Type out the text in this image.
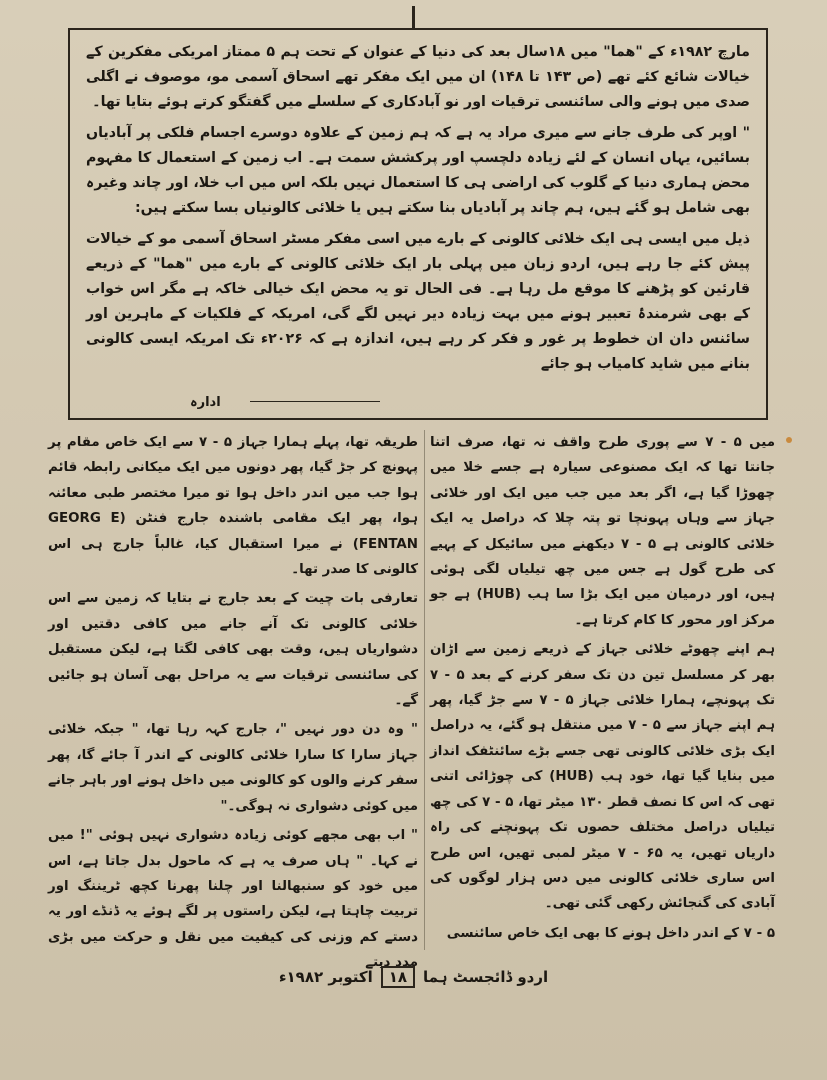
مارچ ۱۹۸۲ء کے "ھما" میں ۱۸سال بعد کی دنیا کے عنوان کے تحت ہم ۵ ممتاز امریکی مفکرین کے خیالات شائع کئے تھے (ص ۱۴۳ تا ۱۴۸) ان میں ایک مفکر تھے اسحاق آسمی مو، موصوف نے اگلی صدی میں ہونے والی سائنسی ترقیات اور نو آبادکاری کے سلسلے میں گفتگو کرتے ہوئے بتایا تھا۔

" اوپر کی طرف جانے سے میری مراد یہ ہے کہ ہم زمین کے علاوہ دوسرے اجسام فلکی پر آبادیاں بسائیں، یہاں انسان کے لئے زیادہ دلچسپ اور پرکشش سمت ہے۔ اب زمین کے استعمال کا مفہوم محض ہماری دنیا کے گلوب کی اراضی ہی کا استعمال نہیں بلکہ اس میں اب خلا، اور چاند وغیرہ بھی شامل ہو گئے ہیں، ہم چاند پر آبادیاں بنا سکتے ہیں یا خلائی کالونیاں بسا سکتے ہیں:

ذیل میں ایسی ہی ایک خلائی کالونی کے بارے میں اسی مفکر مسٹر اسحاق آسمی مو کے خیالات پیش کئے جا رہے ہیں، اردو زبان میں پہلی بار ایک خلائی کالونی کے بارے میں "ھما" کے ذریعے قارئین کو پڑھنے کا موقع مل رہا ہے۔ فی الحال تو یہ محض ایک خیالی خاکہ ہے مگر اس خواب کے بھی شرمندۂ تعبیر ہونے میں بہت زیادہ دیر نہیں لگے گی، امریکہ کے فلکیات کے ماہرین اور سائنس دان ان خطوط پر غور و فکر کر رہے ہیں، اندازہ ہے کہ ۲۰۲۶ء تک امریکہ ایسی کالونی بنانے میں شاید کامیاب ہو جائے

ادارہ

میں ۵ - ۷ سے پوری طرح واقف نہ تھا، صرف اتنا جانتا تھا کہ ایک مصنوعی سیارہ ہے جسے خلا میں چھوڑا گیا ہے، اگر بعد میں جب میں ایک اور خلائی جہاز سے وہاں پہونچا تو پتہ چلا کہ دراصل یہ ایک خلائی کالونی ہے ۵ - ۷ دیکھنے میں سائیکل کے پہیے کی طرح گول ہے جس میں چھ تیلیاں لگی ہوئی ہیں، اور درمیان میں ایک بڑا سا ہب (HUB) ہے جو مرکز اور محور کا کام کرتا ہے۔

ہم اپنے چھوٹے خلائی جہاز کے ذریعے زمین سے اڑان بھر کر مسلسل تین دن تک سفر کرنے کے بعد ۵ - ۷ تک پہونچے، ہمارا خلائی جہاز ۵ - ۷ سے جڑ گیا، پھر ہم اپنے جہاز سے ۵ - ۷ میں منتقل ہو گئے، یہ دراصل ایک بڑی خلائی کالونی تھی جسے بڑے سائنٹفک انداز میں بنایا گیا تھا، خود ہب (HUB) کی چوڑائی اتنی تھی کہ اس کا نصف قطر ۱۳۰ میٹر تھا، ۵ - ۷ کی چھ تیلیاں دراصل مختلف حصوں تک پہونچنے کی راہ داریاں تھیں، یہ ۶۵ - ۷ میٹر لمبی تھیں، اس طرح اس ساری خلائی کالونی میں دس ہزار لوگوں کی آبادی کی گنجائش رکھی گئی تھی۔

۵ - ۷ کے اندر داخل ہونے کا بھی ایک خاص سائنسی

طریقہ تھا، پہلے ہمارا جہاز ۵ - ۷ سے ایک خاص مقام پر پہونچ کر جڑ گیا، پھر دونوں میں ایک میکانی رابطہ قائم ہوا جب میں اندر داخل ہوا تو میرا مختصر طبی معائنہ ہوا، پھر ایک مقامی باشندہ جارج فنٹن (GEORG E FENTAN) نے میرا استقبال کیا، غالباً جارج ہی اس کالونی کا صدر تھا۔

تعارفی بات چیت کے بعد جارج نے بتایا کہ زمین سے اس خلائی کالونی تک آنے جانے میں کافی دقتیں اور دشواریاں ہیں، وقت بھی کافی لگتا ہے، لیکن مستقبل کی سائنسی ترقیات سے یہ مراحل بھی آسان ہو جائیں گے۔

" وہ دن دور نہیں "، جارج کہہ رہا تھا، " جبکہ خلائی جہاز سارا کا سارا خلائی کالونی کے اندر آ جائے گا، پھر سفر کرنے والوں کو کالونی میں داخل ہونے اور باہر جانے میں کوئی دشواری نہ ہوگی۔"

" اب بھی مجھے کوئی زیادہ دشواری نہیں ہوئی "! میں نے کہا۔ " ہاں صرف یہ ہے کہ ماحول بدل جاتا ہے، اس میں خود کو سنبھالنا اور چلنا پھرنا کچھ ٹریننگ اور تربیت چاہتا ہے، لیکن راستوں پر لگے ہوئے یہ ڈنڈے اور یہ دستے کم وزنی کی کیفیت میں نقل و حرکت میں بڑی مدد دیتے

اردو ڈائجسٹ ہما
۱۸
اکتوبر ۱۹۸۲ء
